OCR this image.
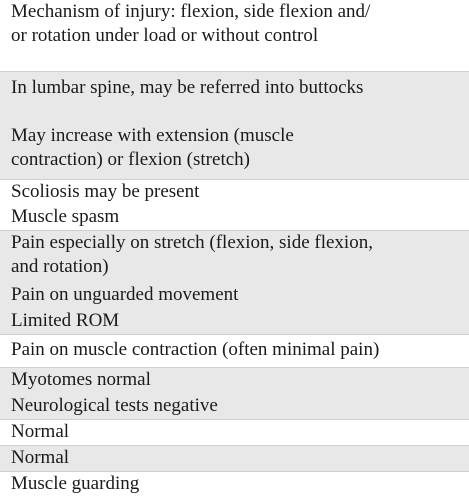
Mechanism of injury: flexion, side flexion and/
or rotation under load or without control
In lumbar spine, may be referred into buttocks
May increase with extension (muscle
contraction) or flexion (stretch)
Scoliosis may be present
Muscle spasm
Pain especially on stretch (flexion, side flexion,
and rotation)
Pain on unguarded movement
Limited ROM
Pain on muscle contraction (often minimal pain)
Myotomes normal
Neurological tests negative
Normal
Normal
Muscle guarding
